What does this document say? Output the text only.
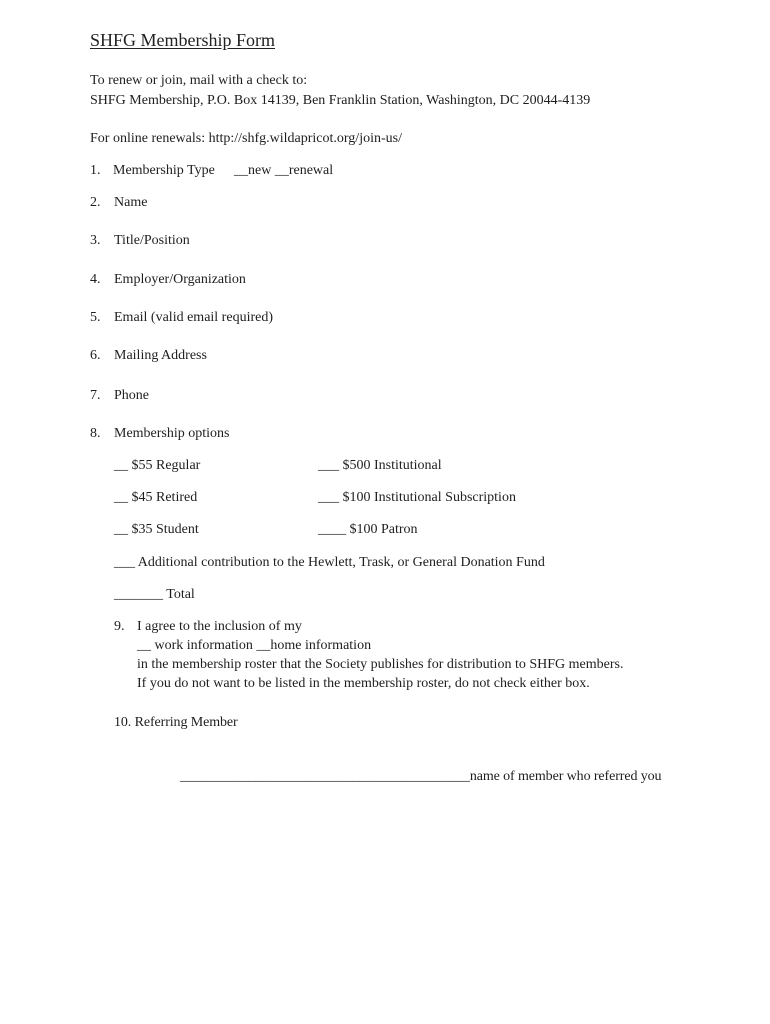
SHFG Membership Form
To renew or join, mail with a check to:
SHFG Membership, P.O. Box 14139, Ben Franklin Station, Washington, DC 20044-4139
For online renewals: http://shfg.wildapricot.org/join-us/
1. Membership Type __new __renewal
2. Name
3. Title/Position
4. Employer/Organization
5. Email (valid email required)
6. Mailing Address
7. Phone
8. Membership options
__ $55 Regular	___ $500 Institutional
__ $45 Retired	___ $100 Institutional Subscription
__ $35 Student	____ $100 Patron
___ Additional contribution to the Hewlett, Trask, or General Donation Fund
_______ Total
9. I agree to the inclusion of my
__ work information __home information
in the membership roster that the Society publishes for distribution to SHFG members.
If you do not want to be listed in the membership roster, do not check either box.
10. Referring Member
__________________________________________name of member who referred you
